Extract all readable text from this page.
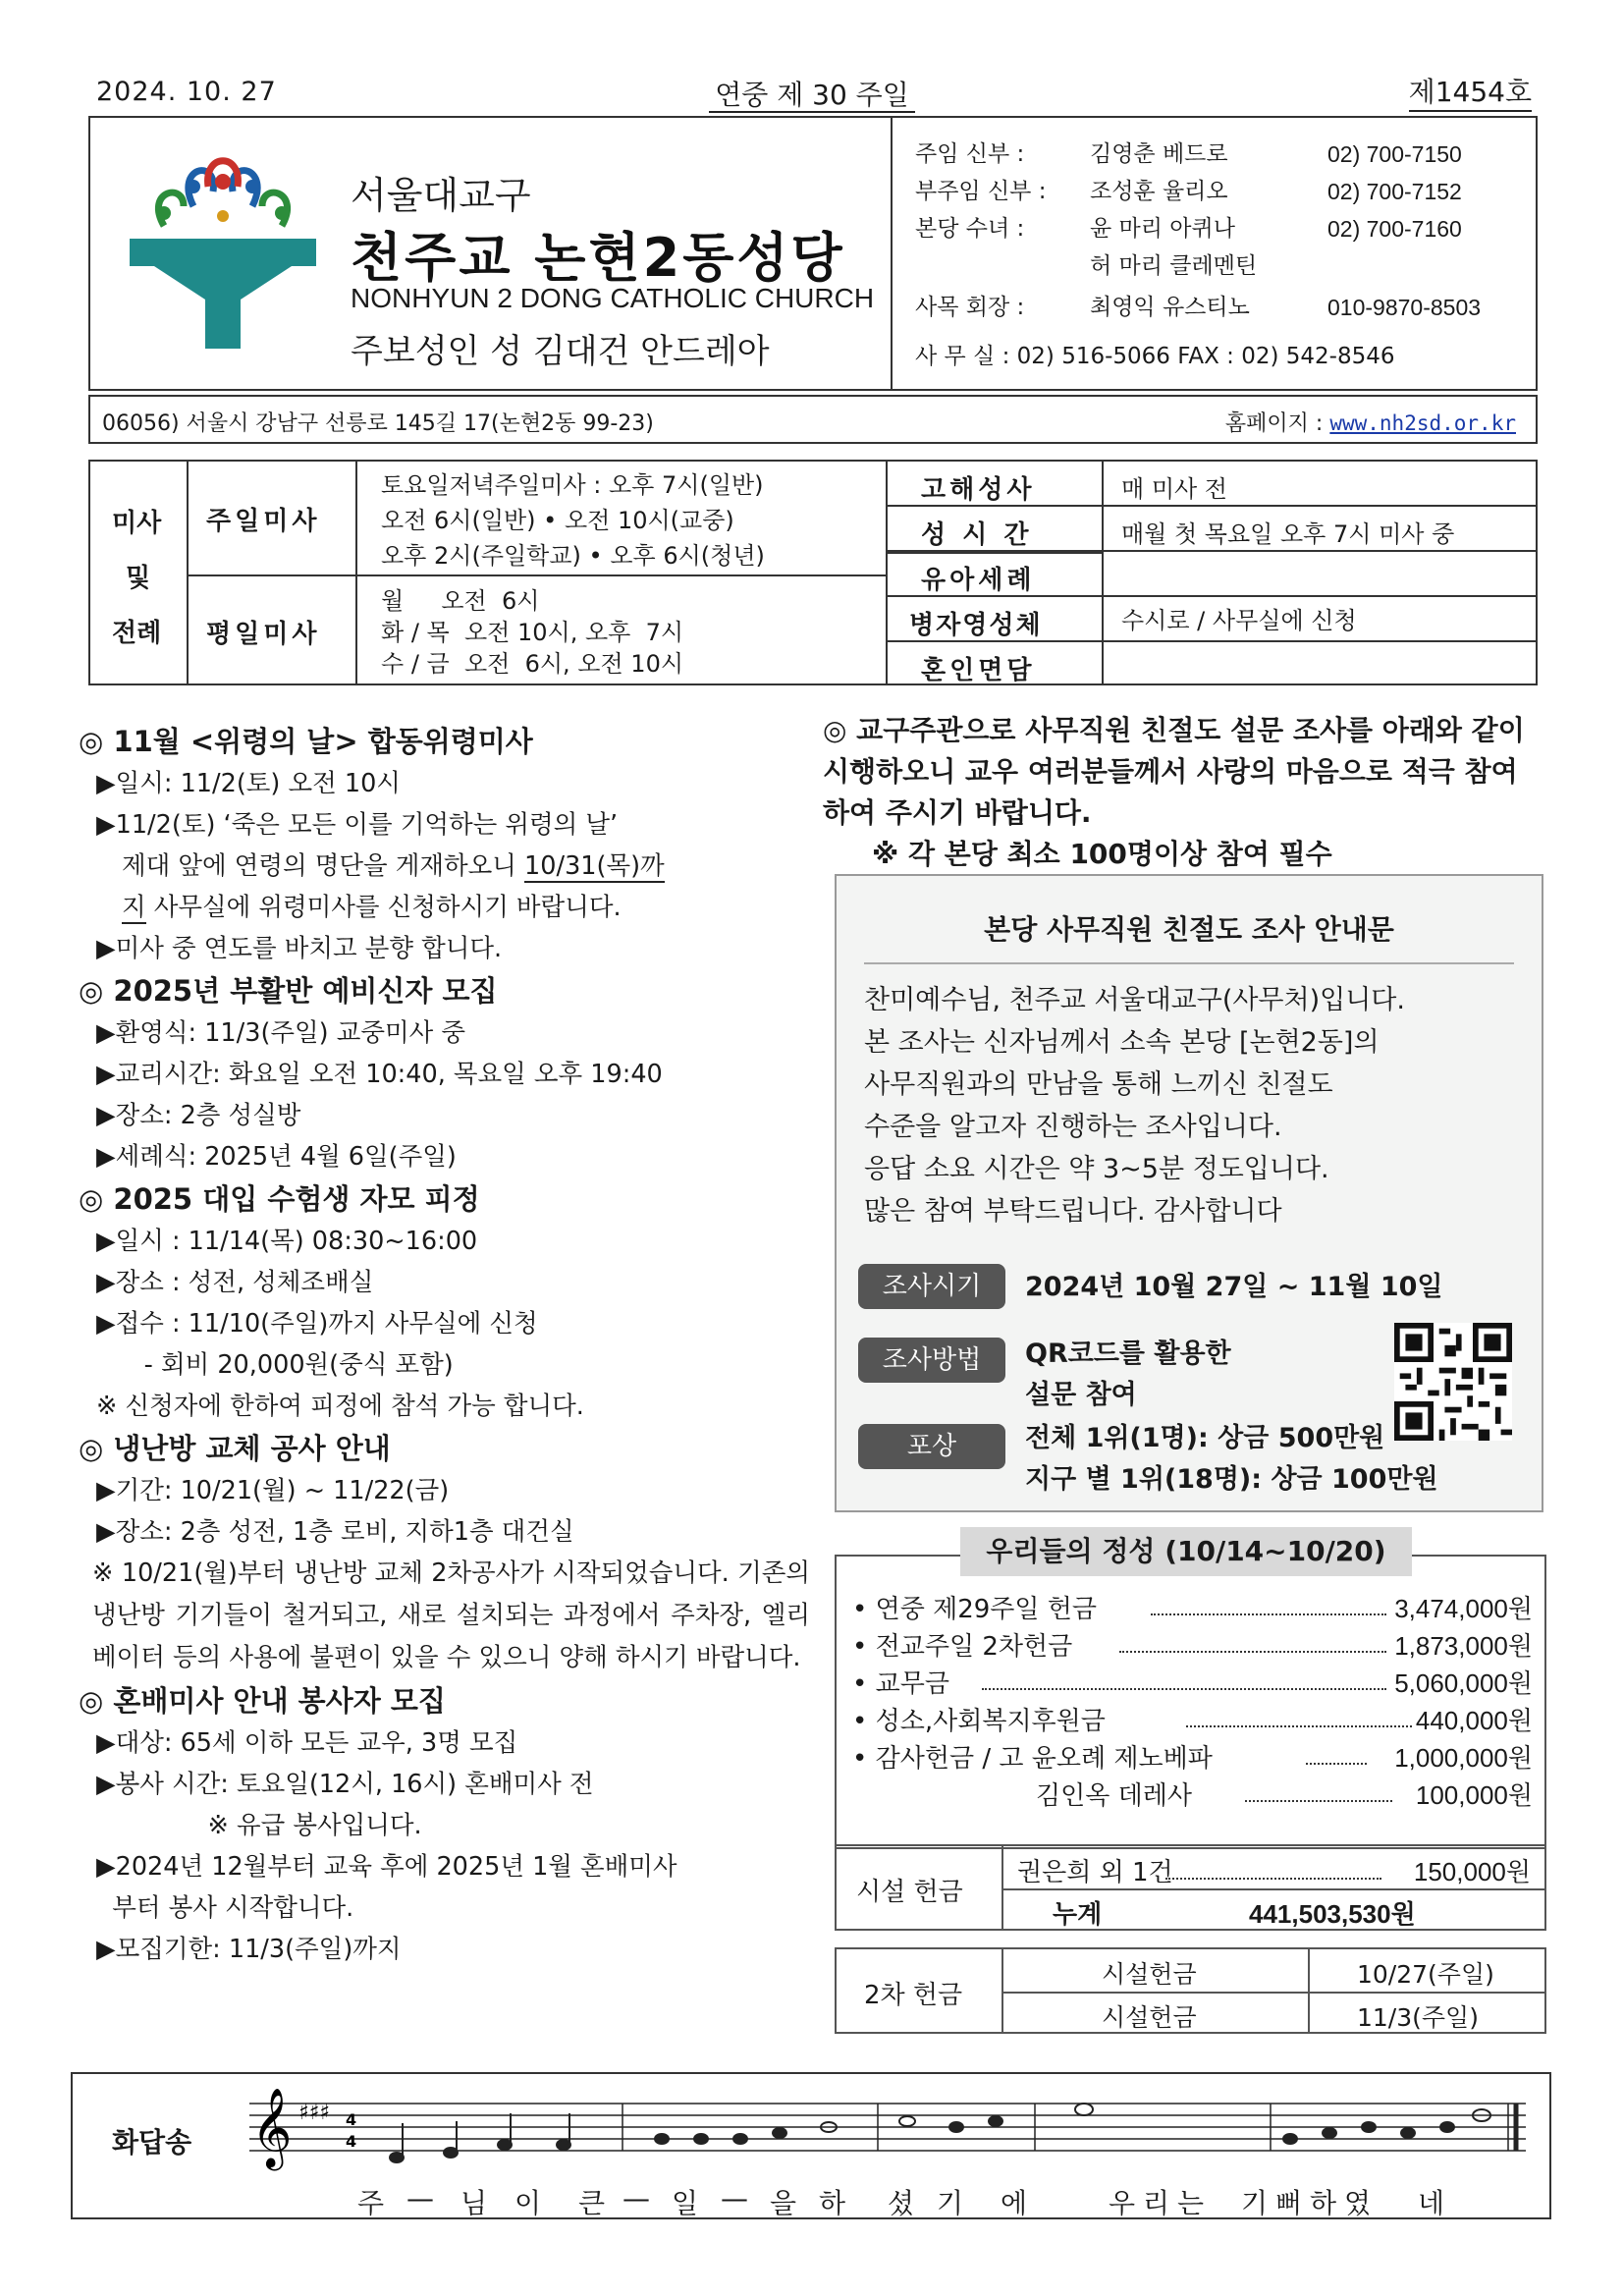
2024. 10. 27	연중 제 30 주일	제1454호
서울대교구
천주교 논현2동성당
NONHYUN 2 DONG CATHOLIC CHURCH
주보성인 성 김대건 안드레아
주임 신부 :	김영춘 베드로	02) 700-7150
부주임 신부 : 조성훈 율리오	02) 700-7152
본당 수녀 :	윤 마리 아퀴나	02) 700-7160
허 마리 클레멘틴
사목 회장 :	최영익 유스티노	010-9870-8503
사 무 실 : 02) 516-5066 FAX : 02) 542-8546
06056) 서울시 강남구 선릉로 145길 17(논현2동 99-23)	홈페이지 : www.nh2sd.or.kr
미사
및
전례
주일미사
토요일저녁주일미사 : 오후 7시(일반)
오전 6시(일반) • 오전 10시(교중)
오후 2시(주일학교) • 오후 6시(청년)
평일미사
월     오전  6시
화 / 목  오전 10시, 오후  7시
수 / 금  오전  6시, 오전 10시
고해성사	매 미사 전
성 시 간	매월 첫 목요일 오후 7시 미사 중
유아세례
병자영성체	수시로 / 사무실에 신청
혼인면담
◎ 11월 <위령의 날> 합동위령미사
▶일시: 11/2(토) 오전 10시
▶11/2(토) ‘죽은 모든 이를 기억하는 위령의 날’
제대 앞에 연령의 명단을 게재하오니 10/31(목)까
지 사무실에 위령미사를 신청하시기 바랍니다.
▶미사 중 연도를 바치고 분향 합니다.
◎ 2025년 부활반 예비신자 모집
▶환영식: 11/3(주일) 교중미사 중
▶교리시간: 화요일 오전 10:40, 목요일 오후 19:40
▶장소: 2층 성실방
▶세례식: 2025년 4월 6일(주일)
◎ 2025 대입 수험생 자모 피정
▶일시 : 11/14(목) 08:30~16:00
▶장소 : 성전, 성체조배실
▶접수 : 11/10(주일)까지 사무실에 신청
- 회비 20,000원(중식 포함)
※ 신청자에 한하여 피정에 참석 가능 합니다.
◎ 냉난방 교체 공사 안내
▶기간: 10/21(월) ~ 11/22(금)
▶장소: 2층 성전, 1층 로비, 지하1층 대건실
※ 10/21(월)부터 냉난방 교체 2차공사가 시작되었습니다. 기존의 냉난방 기기들이 철거되고, 새로 설치되는 과정에서 주차장, 엘리베이터 등의 사용에 불편이 있을 수 있으니 양해 하시기 바랍니다.
◎ 혼배미사 안내 봉사자 모집
▶대상: 65세 이하 모든 교우, 3명 모집
▶봉사 시간: 토요일(12시, 16시) 혼배미사 전
※ 유급 봉사입니다.
▶2024년 12월부터 교육 후에 2025년 1월 혼배미사
부터 봉사 시작합니다.
▶모집기한: 11/3(주일)까지
◎ 교구주관으로 사무직원 친절도 설문 조사를 아래와 같이 시행하오니 교우 여러분들께서 사랑의 마음으로 적극 참여하여 주시기 바랍니다.
※ 각 본당 최소 100명이상 참여 필수
본당 사무직원 친절도 조사 안내문
찬미예수님, 천주교 서울대교구(사무처)입니다.
본 조사는 신자님께서 소속 본당 [논현2동]의
사무직원과의 만남을 통해 느끼신 친절도
수준을 알고자 진행하는 조사입니다.
응답 소요 시간은 약 3~5분 정도입니다.
많은 참여 부탁드립니다. 감사합니다
조사시기	2024년 10월 27일 ~ 11월 10일
조사방법	QR코드를 활용한
설문 참여
포상	전체 1위(1명): 상금 500만원
지구 별 1위(18명): 상금 100만원
우리들의 정성 (10/14~10/20)
• 연중 제29주일 헌금	3,474,000원
• 전교주일 2차헌금	1,873,000원
• 교무금	5,060,000원
• 성소,사회복지후원금	440,000원
• 감사헌금 / 고 윤오례 제노베파	1,000,000원
김인옥 데레사	100,000원
시설 헌금
권은희 외 1건	150,000원
누계	441,503,530원
2차 헌금
시설헌금	10/27(주일)
시설헌금	11/3(주일)
화답송 𝄞 ♯♯♯ 4
4
주 — 님 이 큰 — 일 — 을 하 셨 기 에	우 리 는 기 뻐 하 였 네
